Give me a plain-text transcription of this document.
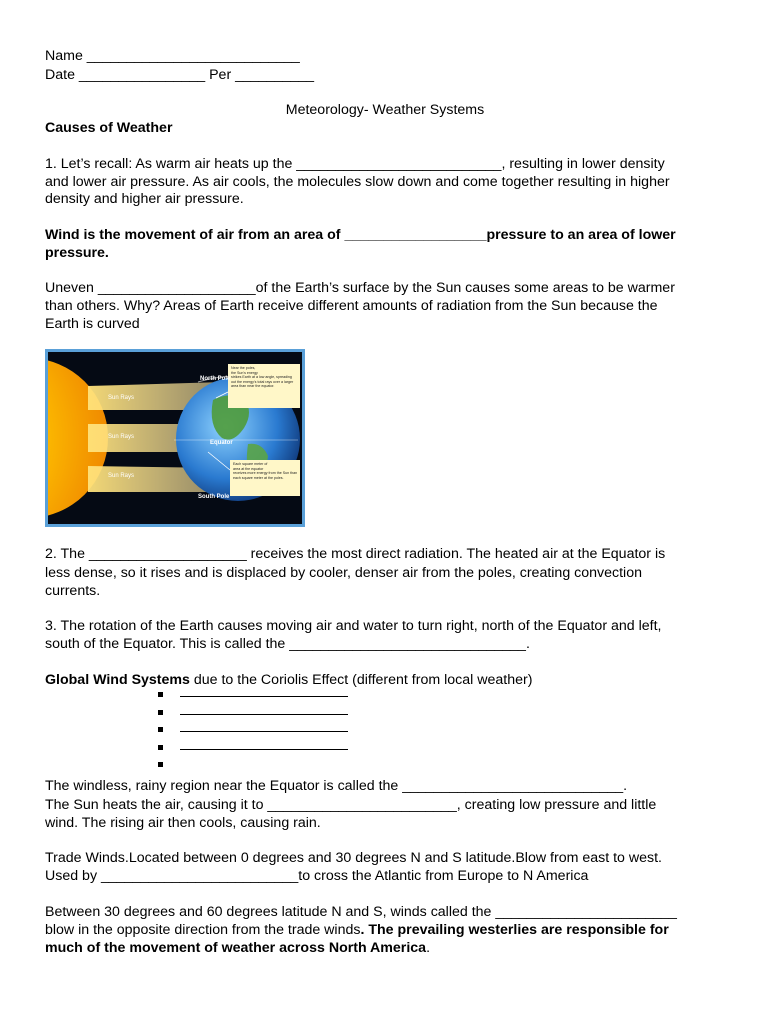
Name ___________________________
Date ________________ Per __________
Meteorology- Weather Systems
Causes of Weather
1. Let’s recall: As warm air heats up the __________________________, resulting in lower density
and lower air pressure. As air cools, the molecules slow down and come together resulting in higher
density and higher air pressure.
Wind is the movement of air from an area of __________________pressure to an area of lower
pressure.
Uneven ____________________of the Earth’s surface by the Sun causes some areas to be warmer
than others. Why? Areas of Earth receive different amounts of radiation from the Sun because the
Earth is curved
North Pole
Equator
South Pole
Sun Rays
Sun Rays
Sun Rays
Near the poles,
the Sun's energy
strikes Earth at a low angle, spreading
out the energy's total rays over a larger
area than near the equator.
Each square meter of
area at the equator
receives more energy from the Sun than
each square meter at the poles.
2. The ____________________ receives the most direct radiation. The heated air at the Equator is
less dense, so it rises and is displaced by cooler, denser air from the poles, creating convection
currents.
3. The rotation of the Earth causes moving air and water to turn right, north of the Equator and left,
south of the Equator. This is called the ______________________________.
Global Wind Systems due to the Coriolis Effect (different from local weather)
The windless, rainy region near the Equator is called the ____________________________.
The Sun heats the air, causing it to ________________________, creating low pressure and little
wind. The rising air then cools, causing rain.
Trade Winds.Located between 0 degrees and 30 degrees N and S latitude.Blow from east to west.
Used by _________________________to cross the Atlantic from Europe to N America
Between 30 degrees and 60 degrees latitude N and S, winds called the _______________________
blow in the opposite direction from the trade winds. The prevailing westerlies are responsible for
much of the movement of weather across North America.
